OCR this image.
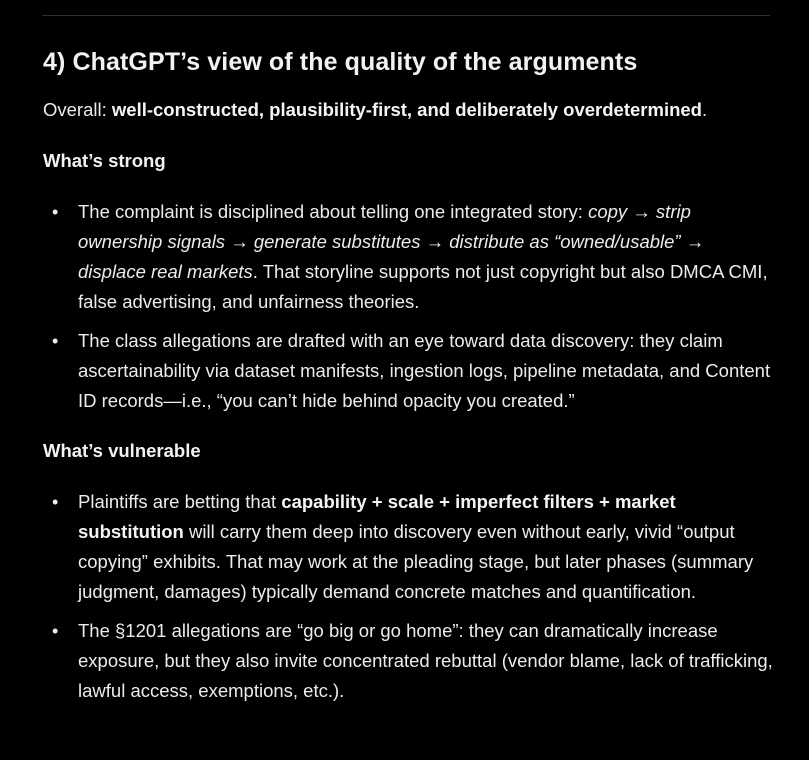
4) ChatGPT’s view of the quality of the arguments

Overall: well-constructed, plausibility-first, and deliberately overdetermined.

What’s strong
• The complaint is disciplined about telling one integrated story: copy → strip ownership signals → generate substitutes → distribute as “owned/usable” → displace real markets. That storyline supports not just copyright but also DMCA CMI, false advertising, and unfairness theories.
• The class allegations are drafted with an eye toward data discovery: they claim ascertainability via dataset manifests, ingestion logs, pipeline metadata, and Content ID records—i.e., “you can’t hide behind opacity you created.”
What’s vulnerable
• Plaintiffs are betting that capability + scale + imperfect filters + market substitution will carry them deep into discovery even without early, vivid “output copying” exhibits. That may work at the pleading stage, but later phases (summary judgment, damages) typically demand concrete matches and quantification.
• The §1201 allegations are “go big or go home”: they can dramatically increase exposure, but they also invite concentrated rebuttal (vendor blame, lack of trafficking, lawful access, exemptions, etc.).
